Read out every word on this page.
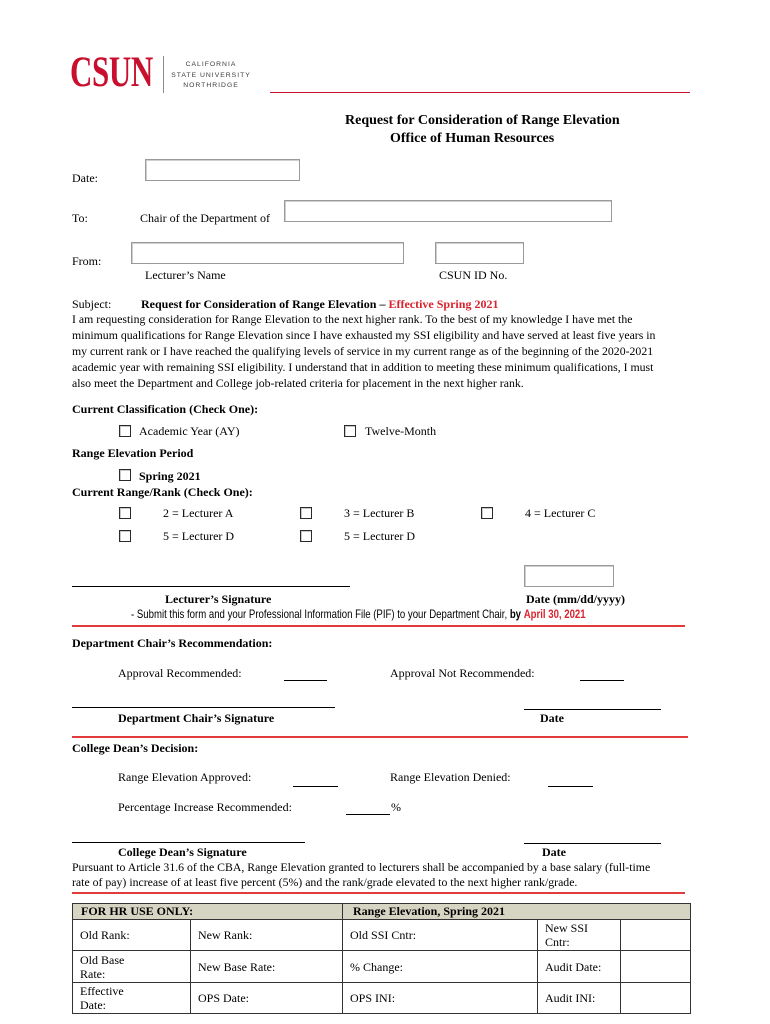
CSUN	CALIFORNIA
STATE UNIVERSITY
NORTHRIDGE
Request for Consideration of Range Elevation
Office of Human Resources
Date:
To:	Chair of the Department of
From:
Lecturer’s Name	CSUN ID No.
Subject: Request for Consideration of Range Elevation – Effective Spring 2021
I am requesting consideration for Range Elevation to the next higher rank. To the best of my knowledge I have met the
minimum qualifications for Range Elevation since I have exhausted my SSI eligibility and have served at least five years in
my current rank or I have reached the qualifying levels of service in my current range as of the beginning of the 2020-2021
academic year with remaining SSI eligibility. I understand that in addition to meeting these minimum qualifications, I must
also meet the Department and College job-related criteria for placement in the next higher rank.
Current Classification (Check One):
Academic Year (AY)	Twelve-Month
Range Elevation Period
Spring 2021
Current Range/Rank (Check One):
2 = Lecturer A	3 = Lecturer B	4 = Lecturer C
5 = Lecturer D	5 = Lecturer D
Lecturer’s Signature	Date (mm/dd/yyyy)
- Submit this form and your Professional Information File (PIF) to your Department Chair, by April 30, 2021
Department Chair’s Recommendation:
Approval Recommended:	Approval Not Recommended:
Department Chair’s Signature	Date
College Dean’s Decision:
Range Elevation Approved:	Range Elevation Denied:
Percentage Increase Recommended:	%
College Dean’s Signature	Date
Pursuant to Article 31.6 of the CBA, Range Elevation granted to lecturers shall be accompanied by a base salary (full-time
rate of pay) increase of at least five percent (5%) and the rank/grade elevated to the next higher rank/grade.
FOR HR USE ONLY:		Range Elevation, Spring 2021		
Old Rank:	New Rank:	Old SSI Cntr:	New SSI Cntr:	
Old Base Rate:	New Base Rate:	% Change:	Audit Date:	
Effective Date:	OPS Date:	OPS INI:	Audit INI:	
